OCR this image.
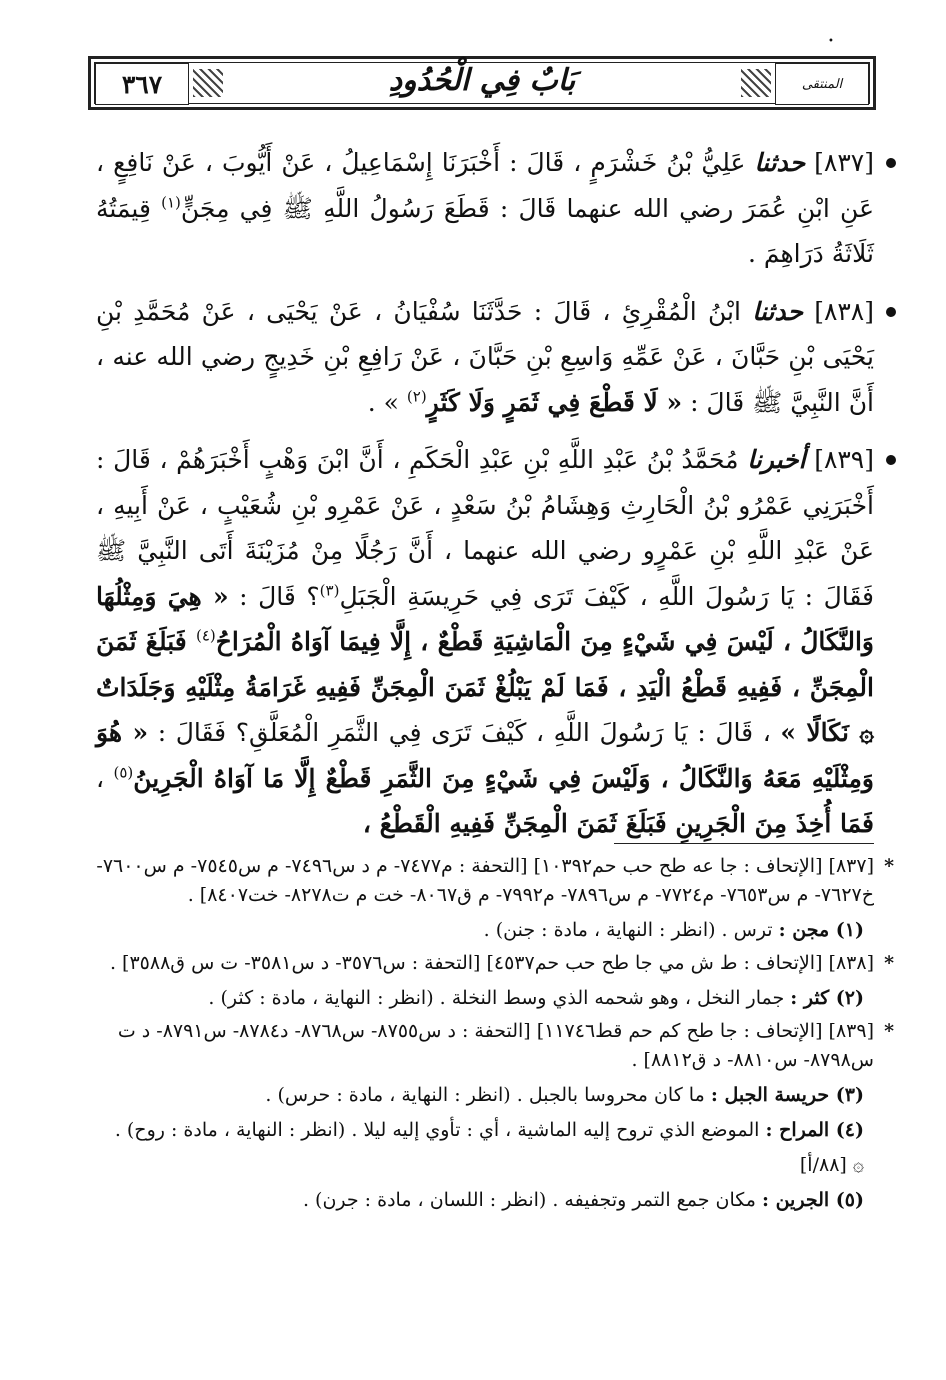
•
٣٦٧	بَابٌ فِي الْحُدُودِ	المنتقى

[٨٣٧] حدثنا عَلِيُّ بْنُ خَشْرَمٍ ، قَالَ : أَخْبَرَنَا إِسْمَاعِيلُ ، عَنْ أَيُّوبَ ، عَنْ نَافِعٍ ، عَنِ ابْنِ عُمَرَ رضي الله عنهما قَالَ : قَطَعَ رَسُولُ اللَّهِ ﷺ فِي مِجَنٍّ$^{(١)}$ قِيمَتُهُ ثَلَاثَةُ دَرَاهِمَ .

[٨٣٨] حدثنا ابْنُ الْمُقْرِئِ ، قَالَ : حَدَّثَنَا سُفْيَانُ ، عَنْ يَحْيَى ، عَنْ مُحَمَّدِ بْنِ يَحْيَى بْنِ حَبَّانَ ، عَنْ عَمِّهِ وَاسِعِ بْنِ حَبَّانَ ، عَنْ رَافِعِ بْنِ خَدِيجٍ رضي الله عنه ، أَنَّ النَّبِيَّ ﷺ قَالَ : « لَا قَطْعَ فِي ثَمَرٍ وَلَا كَثَرٍ$^{(٢)}$ » .

[٨٣٩] أخبرنا مُحَمَّدُ بْنُ عَبْدِ اللَّهِ بْنِ عَبْدِ الْحَكَمِ ، أَنَّ ابْنَ وَهْبٍ أَخْبَرَهُمْ ، قَالَ : أَخْبَرَنِي عَمْرُو بْنُ الْحَارِثِ وَهِشَامُ بْنُ سَعْدٍ ، عَنْ عَمْرِو بْنِ شُعَيْبٍ ، عَنْ أَبِيهِ ، عَنْ عَبْدِ اللَّهِ بْنِ عَمْرٍو رضي الله عنهما ، أَنَّ رَجُلًا مِنْ مُزَيْنَةَ أَتَى النَّبِيَّ ﷺ فَقَالَ : يَا رَسُولَ اللَّهِ ، كَيْفَ تَرَى فِي حَرِيسَةِ الْجَبَلِ$^{(٣)}$؟ قَالَ : « هِيَ وَمِثْلُهَا وَالنَّكَالُ ، لَيْسَ فِي شَيْءٍ مِنَ الْمَاشِيَةِ قَطْعٌ ، إِلَّا فِيمَا آوَاهُ الْمُرَاحُ$^{(٤)}$ فَبَلَغَ ثَمَنَ الْمِجَنِّ ، فَفِيهِ قَطْعُ الْيَدِ ، فَمَا لَمْ يَبْلُغْ ثَمَنَ الْمِجَنِّ فَفِيهِ غَرَامَةُ مِثْلَيْهِ وَجَلَدَاتٌ ۞ نَكَالًا » ، قَالَ : يَا رَسُولَ اللَّهِ ، كَيْفَ تَرَى فِي الثَّمَرِ الْمُعَلَّقِ؟ فَقَالَ : « هُوَ وَمِثْلَيْهِ مَعَهُ وَالنَّكَالُ ، وَلَيْسَ فِي شَيْءٍ مِنَ الثَّمَرِ قَطْعٌ إِلَّا مَا آوَاهُ الْجَرِينُ$^{(٥)}$ ، فَمَا أُخِذَ مِنَ الْجَرِينِ فَبَلَغَ ثَمَنَ الْمِجَنِّ فَفِيهِ الْقَطْعُ ،

*
[٨٣٧] [الإتحاف : جا عه طح حب حم١٠٣٩٢] [التحفة : م٧٤٧٧- م د س٧٤٩٦- م س٧٥٤٥- م س٧٦٠٠- خ٧٦٢٧- م س٧٦٥٣- م٧٧٢٤- م س٧٨٩٦- م٧٩٩٢- م ق٨٠٦٧- خت م ت٨٢٧٨- خت٨٤٠٧] .

(١) مجن : ترس . (انظر : النهاية ، مادة : جنن) .

*
[٨٣٨] [الإتحاف : ط ش مي جا طح حب حم٤٥٣٧] [التحفة : س٣٥٧٦- د س٣٥٨١- ت س ق٣٥٨٨] .

(٢) كثر : جمار النخل ، وهو شحمه الذي وسط النخلة . (انظر : النهاية ، مادة : كثر) .

*
[٨٣٩] [الإتحاف : جا طح كم حم قط١١٧٤٦] [التحفة : د س٨٧٥٥- س٨٧٦٨- د٨٧٨٤- س٨٧٩١- د ت س٨٧٩٨- س٨٨١٠- د ق٨٨١٢] .

(٣) حريسة الجبل : ما كان محروسا بالجبل . (انظر : النهاية ، مادة : حرس) .

(٤) المراح : الموضع الذي تروح إليه الماشية ، أي : تأوي إليه ليلا . (انظر : النهاية ، مادة : روح) .

۞ [٨٨/أ]

(٥) الجرين : مكان جمع التمر وتجفيفه . (انظر : اللسان ، مادة : جرن) .
